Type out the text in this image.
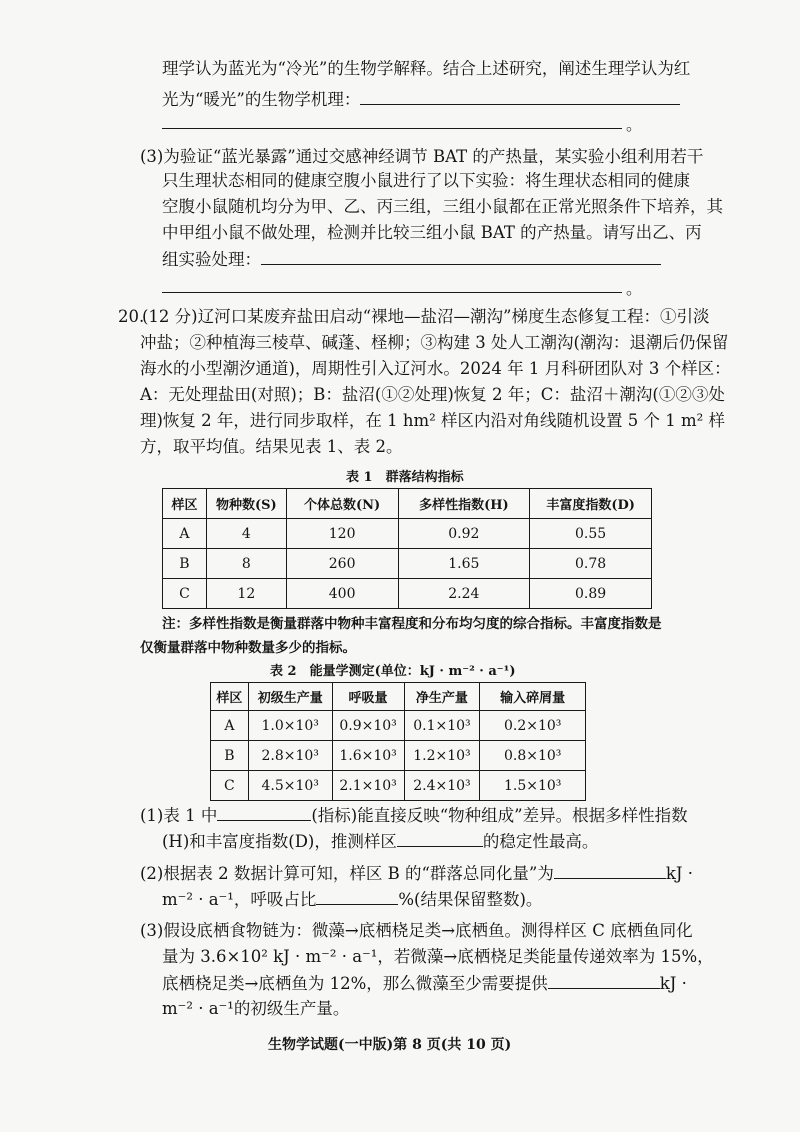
理学认为蓝光为“冷光”的生物学解释。结合上述研究，阐述生理学认为红
光为“暖光”的生物学机理：
。
(3)为验证“蓝光暴露”通过交感神经调节 BAT 的产热量，某实验小组利用若干
只生理状态相同的健康空腹小鼠进行了以下实验：将生理状态相同的健康
空腹小鼠随机均分为甲、乙、丙三组，三组小鼠都在正常光照条件下培养，其
中甲组小鼠不做处理，检测并比较三组小鼠 BAT 的产热量。请写出乙、丙
组实验处理：
。
20.
(12 分)辽河口某废弃盐田启动“裸地—盐沼—潮沟”梯度生态修复工程：①引淡
冲盐；②种植海三棱草、碱蓬、柽柳；③构建 3 处人工潮沟(潮沟：退潮后仍保留
海水的小型潮汐通道)，周期性引入辽河水。2024 年 1 月科研团队对 3 个样区：
A：无处理盐田(对照)；B：盐沼(①②处理)恢复 2 年；C：盐沼＋潮沟(①②③处
理)恢复 2 年，进行同步取样，在 1 hm² 样区内沿对角线随机设置 5 个 1 m² 样
方，取平均值。结果见表 1、表 2。
表 1　群落结构指标
样区	物种数(S)	个体总数(N)	多样性指数(H)	丰富度指数(D)
A	4	120	0.92	0.55
B	8	260	1.65	0.78
C	12	400	2.24	0.89
注：多样性指数是衡量群落中物种丰富程度和分布均匀度的综合指标。丰富度指数是
仅衡量群落中物种数量多少的指标。
表 2　能量学测定(单位：kJ · m⁻² · a⁻¹)
样区	初级生产量	呼吸量	净生产量	输入碎屑量
A	1.0×10³	0.9×10³	0.1×10³	0.2×10³
B	2.8×10³	1.6×10³	1.2×10³	0.8×10³
C	4.5×10³	2.1×10³	2.4×10³	1.5×10³
(1)表 1 中	(指标)能直接反映“物种组成”差异。根据多样性指数
(H)和丰富度指数(D)，推测样区	的稳定性最高。
(2)根据表 2 数据计算可知，样区 B 的“群落总同化量”为	kJ ·
m⁻² · a⁻¹，呼吸占比	%(结果保留整数)。
(3)假设底栖食物链为：微藻→底栖桡足类→底栖鱼。测得样区 C 底栖鱼同化
量为 3.6×10² kJ · m⁻² · a⁻¹，若微藻→底栖桡足类能量传递效率为 15%，
底栖桡足类→底栖鱼为 12%，那么微藻至少需要提供	kJ ·
m⁻² · a⁻¹的初级生产量。
生物学试题(一中版)第 8 页(共 10 页)
